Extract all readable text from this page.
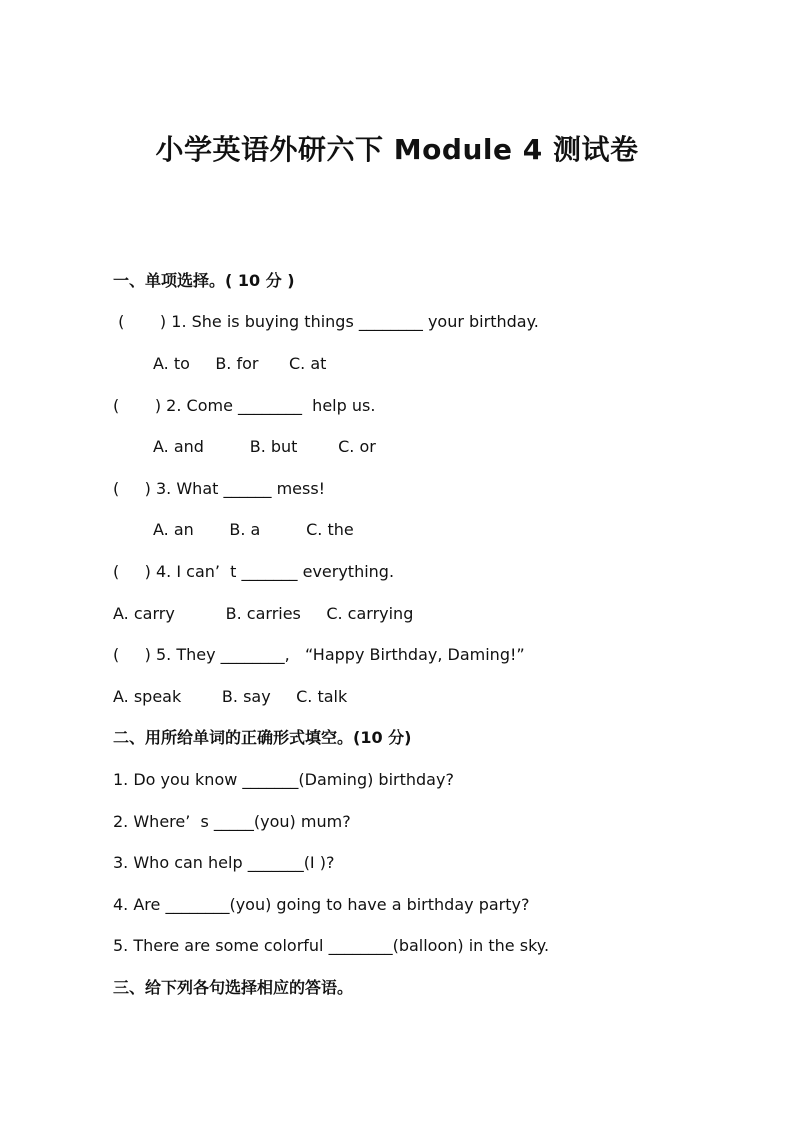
小学英语外研六下 Module 4 测试卷
一、单项选择。( 10 分 )
(       ) 1. She is buying things ________ your birthday.
A. to     B. for      C. at
(       ) 2. Come ________  help us.
A. and         B. but        C. or
(     ) 3. What ______ mess!
A. an       B. a         C. the
(     ) 4. I can’  t _______ everything.
A. carry          B. carries     C. carrying
(     ) 5. They ________,   “Happy Birthday, Daming!”
A. speak        B. say     C. talk
二、用所给单词的正确形式填空。(10 分)
1. Do you know _______(Daming) birthday?
2. Where’  s _____(you) mum?
3. Who can help _______(I )?
4. Are ________(you) going to have a birthday party?
5. There are some colorful ________(balloon) in the sky.
三、给下列各句选择相应的答语。
